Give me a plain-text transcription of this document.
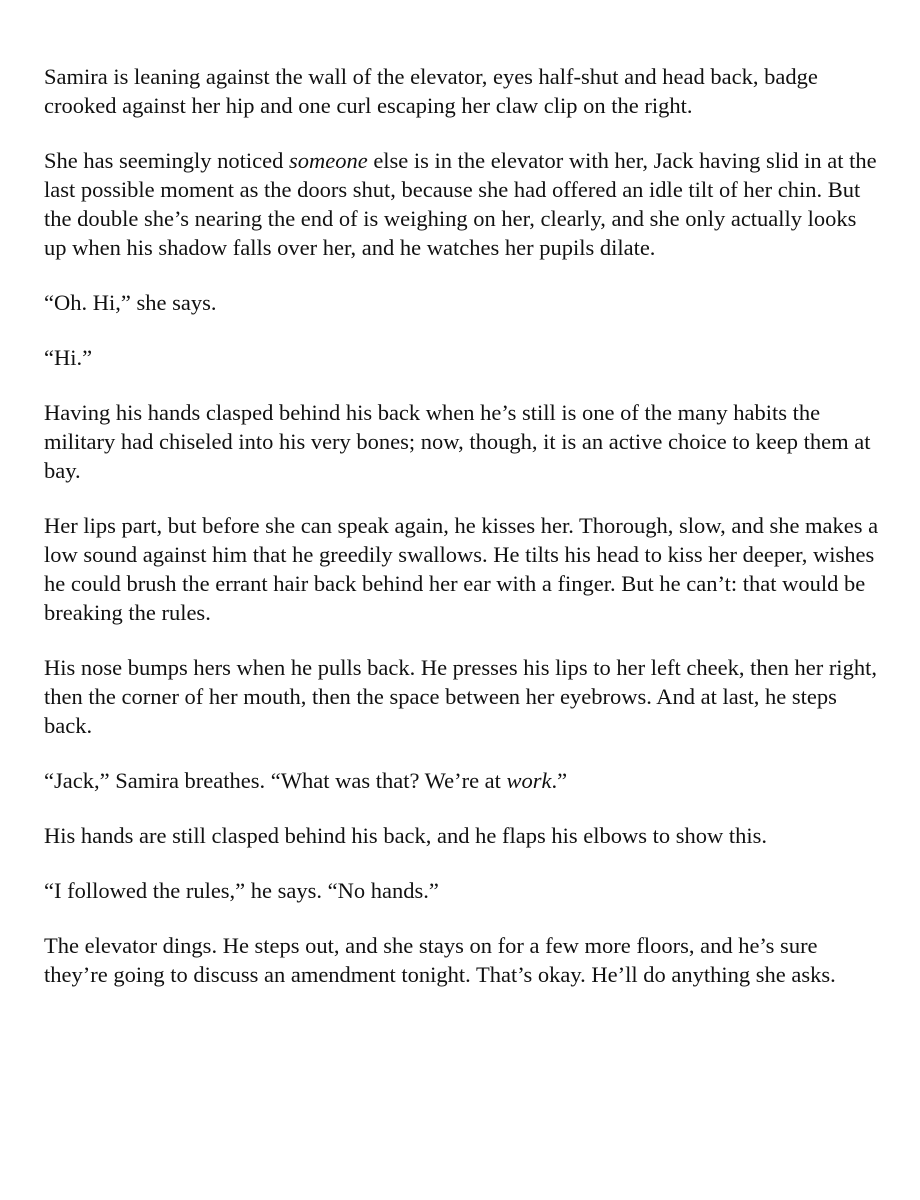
Samira is leaning against the wall of the elevator, eyes half-shut and head back, badge crooked against her hip and one curl escaping her claw clip on the right.

She has seemingly noticed someone else is in the elevator with her, Jack having slid in at the last possible moment as the doors shut, because she had offered an idle tilt of her chin. But the double she’s nearing the end of is weighing on her, clearly, and she only actually looks up when his shadow falls over her, and he watches her pupils dilate.

“Oh. Hi,” she says.

“Hi.”

Having his hands clasped behind his back when he’s still is one of the many habits the military had chiseled into his very bones; now, though, it is an active choice to keep them at bay.

Her lips part, but before she can speak again, he kisses her. Thorough, slow, and she makes a low sound against him that he greedily swallows. He tilts his head to kiss her deeper, wishes he could brush the errant hair back behind her ear with a finger. But he can’t: that would be breaking the rules.

His nose bumps hers when he pulls back. He presses his lips to her left cheek, then her right, then the corner of her mouth, then the space between her eyebrows. And at last, he steps back.

“Jack,” Samira breathes. “What was that? We’re at work.”

His hands are still clasped behind his back, and he flaps his elbows to show this.

“I followed the rules,” he says. “No hands.”

The elevator dings. He steps out, and she stays on for a few more floors, and he’s sure they’re going to discuss an amendment tonight. That’s okay. He’ll do anything she asks.
